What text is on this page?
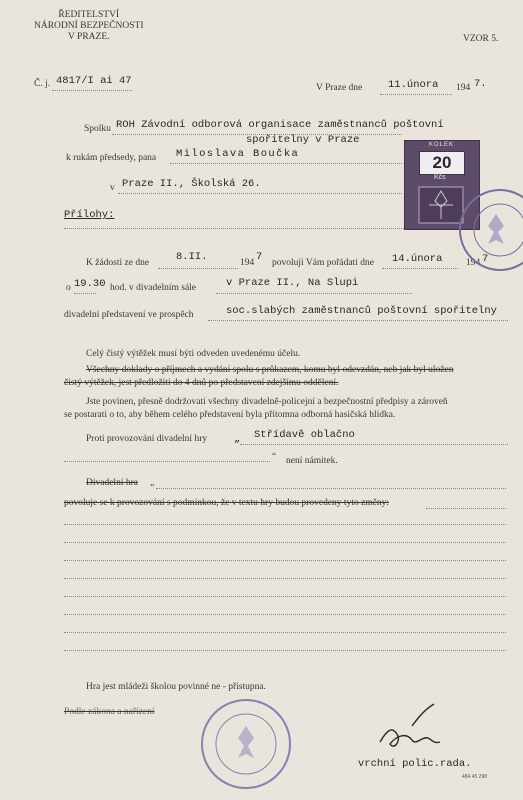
ŘEDITELSTVÍ
NÁRODNÍ BEZPEČNOSTI
V PRAZE.	VZOR 5.
Č. j. 4817/I ai 47
V Praze dne 11.února 194 7.
Spolku ROH Závodní odborová organisace zaměstnanců poštovní
spořitelny v Praze
k rukám předsedy, pana Miloslava Boučka
v Praze II., Školská 26.
Přílohy:
K žádosti ze dne	8.II.	194 7 povoluji Vám pořádati dne 14.února 194 7
o 19.30 hod. v divadelním sále	v Praze II., Na Slupi
divadelní představení ve prospěch	soc.slabých zaměstnanců poštovní spořitelny
Celý čistý výtěžek musí býti odveden uvedenému účelu.
Všechny doklady o příjmech a vydání spolu s průkazem, komu byl odevzdán, neb jak byl uložen
čistý výtěžek, jest předložiti do 4 dnů po představení zdejšímu oddělení.
Jste povinen, přesně dodržovati všechny divadelně-policejní a bezpečnostní předpisy a zároveň
se postarati o to, aby během celého představení byla přítomna odborná hasičská hlídka.
Proti provozování divadelní hry	„ Střídavě oblačno
“ není námitek.
Divadelní hra „
povoluje se k provozování s podmínkou, že v textu hry budou provedeny tyto změny:
Hra jest mládeži školou povinné ne - přístupna.
Podle zákona a nařízení
vrchní polic.rada.
484 45 298
KOLEK
20
Kčs
